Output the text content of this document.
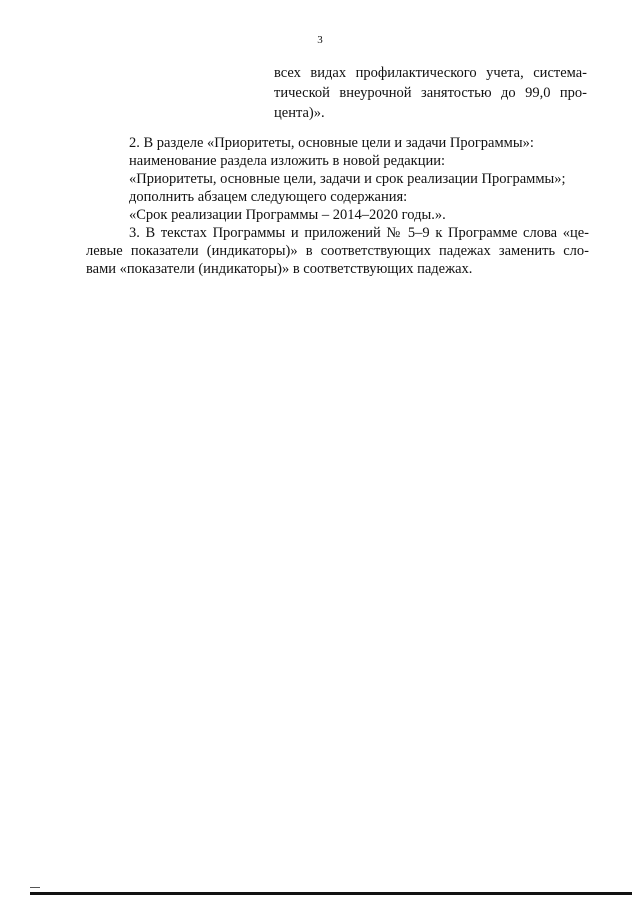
3
всех видах профилактического учета, система-
тической внеурочной занятостью до 99,0 про-
цента)».
2. В разделе «Приоритеты, основные цели и задачи Программы»:
наименование раздела изложить в новой редакции:
«Приоритеты, основные цели, задачи и срок реализации Программы»;
дополнить абзацем следующего содержания:
«Срок реализации Программы – 2014–2020 годы.».
3. В текстах Программы и приложений № 5–9 к Программе слова «це-
левые показатели (индикаторы)» в соответствующих падежах заменить сло-
вами «показатели (индикаторы)» в соответствующих падежах.
